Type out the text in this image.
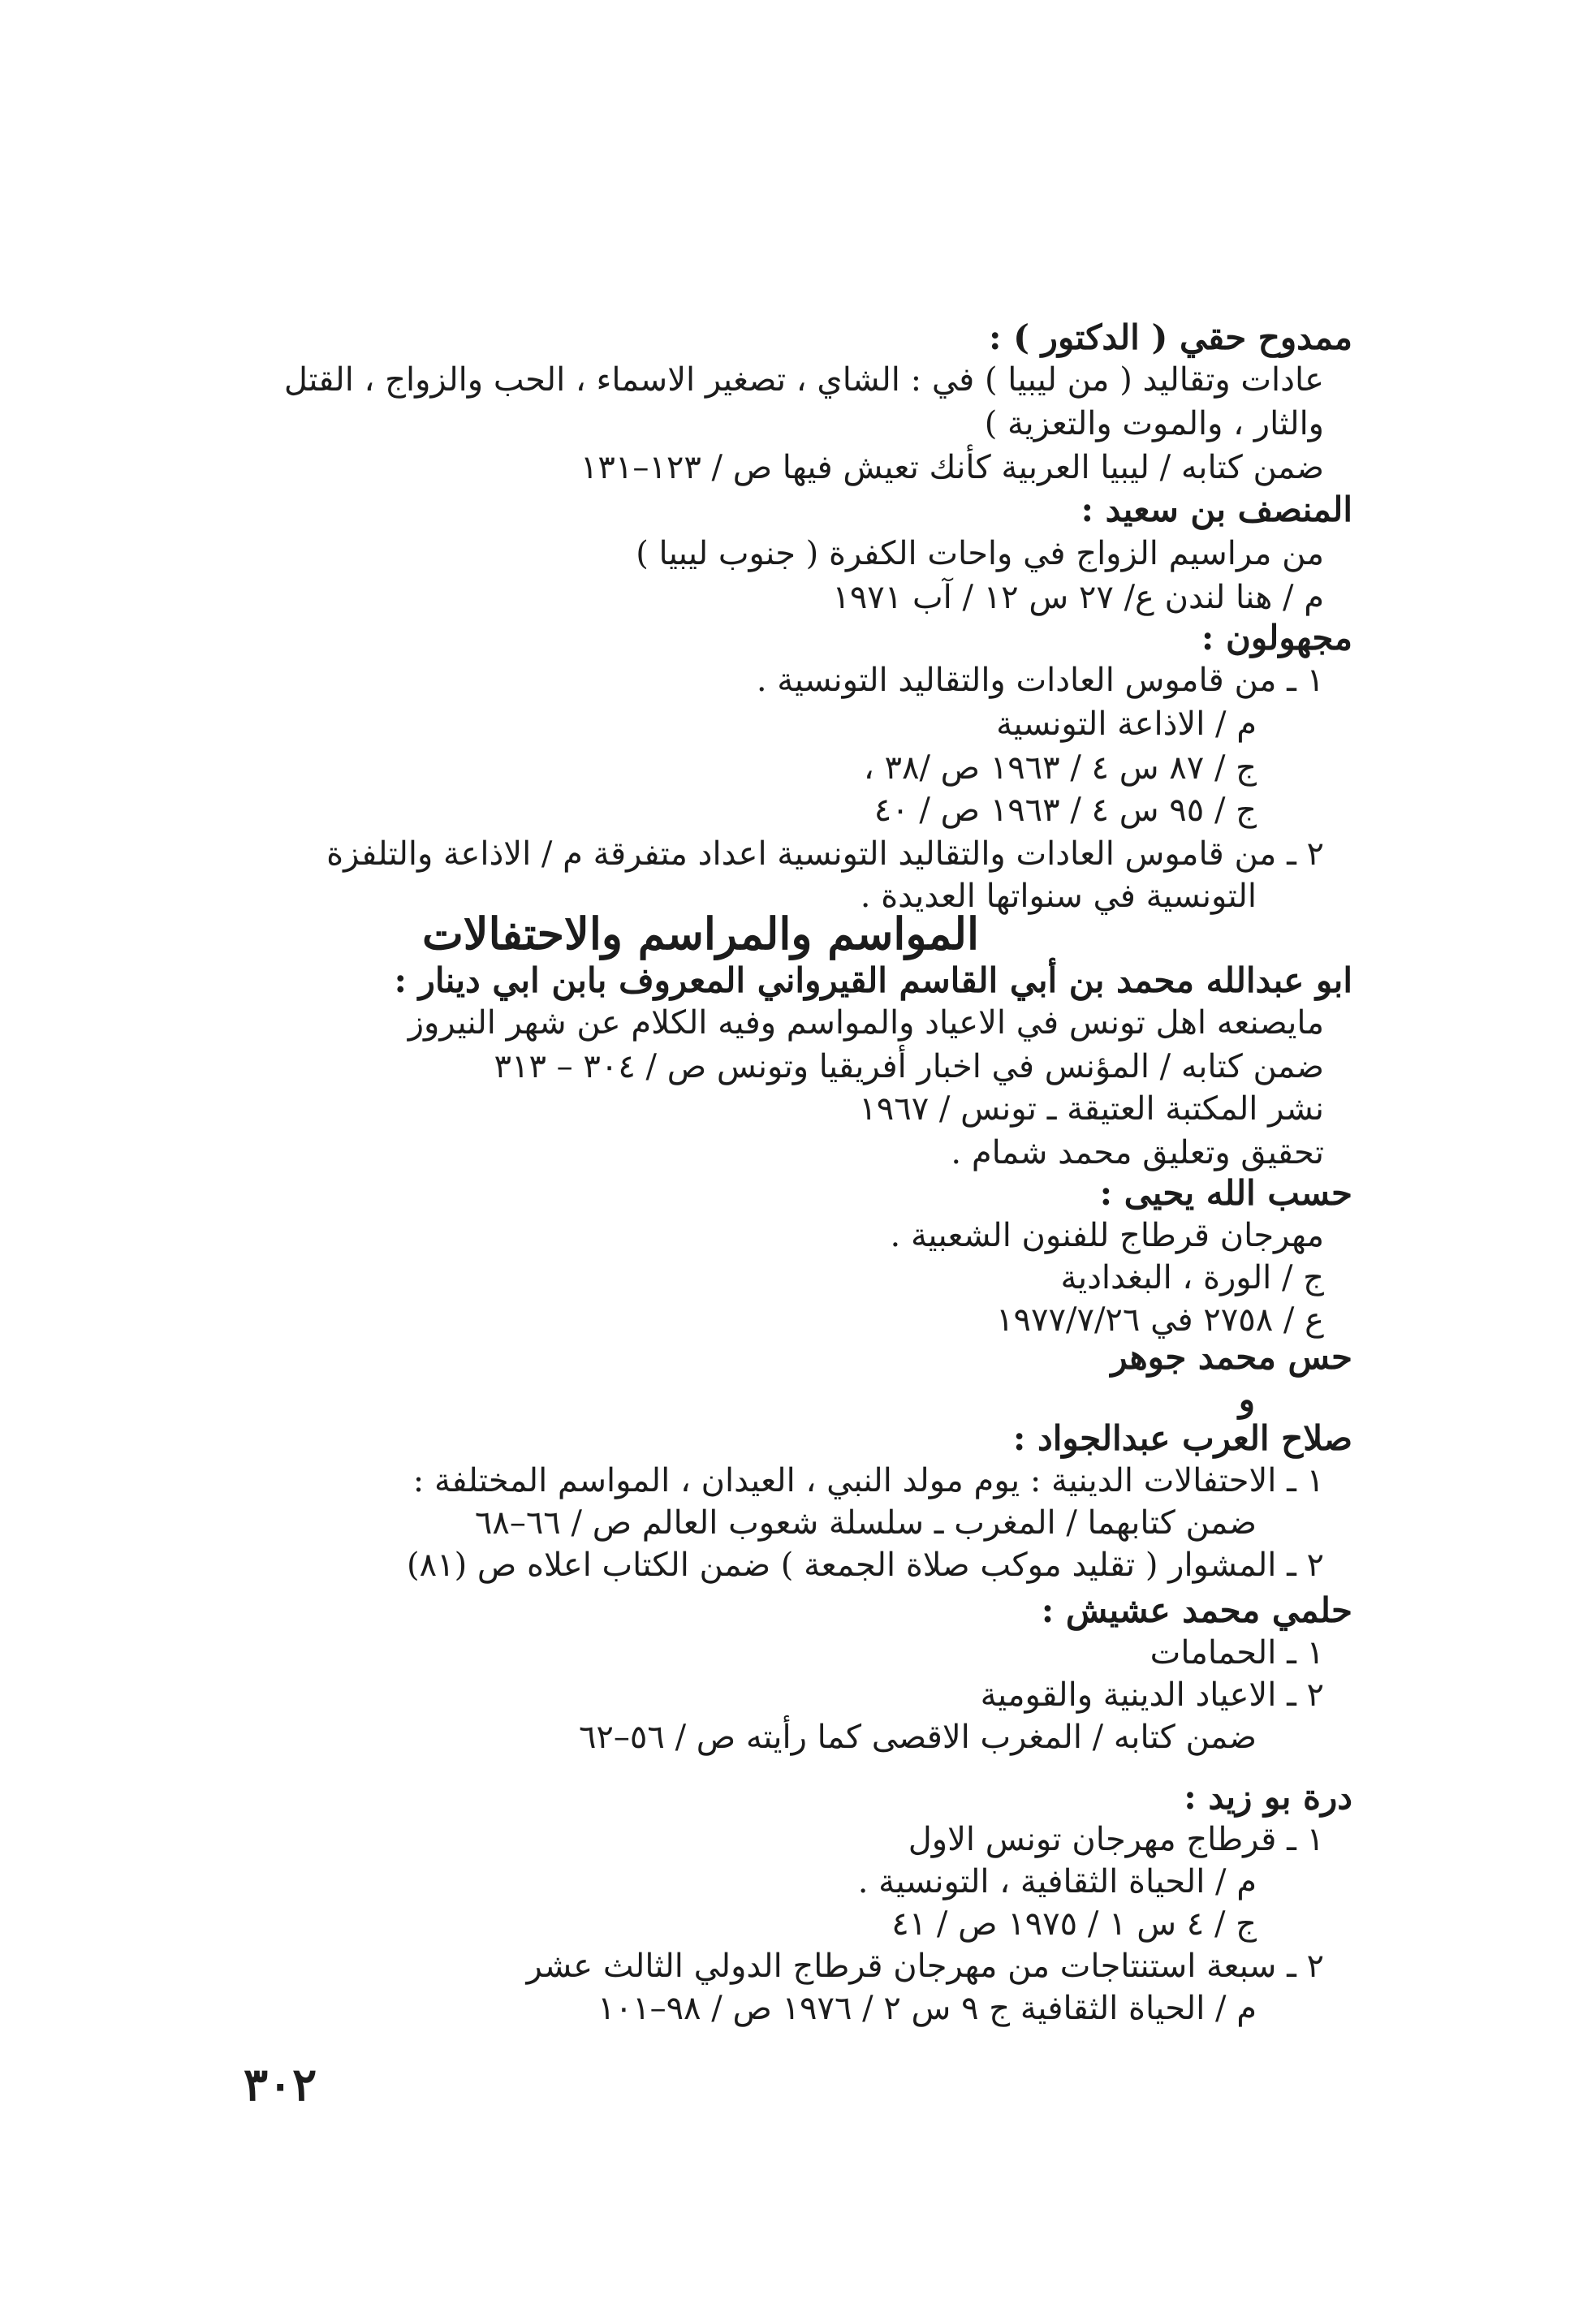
ممدوح حقي ( الدكتور ) :
عادات وتقاليد ( من ليبيا ) في : الشاي ، تصغير الاسماء ، الحب والزواج ، القتل
والثار ، والموت والتعزية )
ضمن كتابه / ليبيا العربية كأنك تعيش فيها ص / ١٢٣–١٣١
المنصف بن سعيد :
من مراسيم الزواج في واحات الكفرة ( جنوب ليبيا )
م / هنا لندن ع/ ٢٧ س ١٢ / آب ١٩٧١
مجهولون :
١ ـ من قاموس العادات والتقاليد التونسية .
م / الاذاعة التونسية
ج / ٨٧ س ٤ / ١٩٦٣ ص /٣٨ ،
ج / ٩٥ س ٤ / ١٩٦٣ ص / ٤٠
٢ ـ من قاموس العادات والتقاليد التونسية اعداد متفرقة م / الاذاعة والتلفزة
التونسية في سنواتها العديدة .
المواسم والمراسم والاحتفالات
ابو عبدالله محمد بن أبي القاسم القيرواني المعروف بابن ابي دينار :
مايصنعه اهل تونس في الاعياد والمواسم وفيه الكلام عن شهر النيروز
ضمن كتابه / المؤنس في اخبار أفريقيا وتونس ص / ٣٠٤ – ٣١٣
نشر المكتبة العتيقة ـ تونس / ١٩٦٧
تحقيق وتعليق محمد شمام .
حسب الله يحيى :
مهرجان قرطاج للفنون الشعبية .
ج / الورة ، البغدادية
ع / ٢٧٥٨ في ١٩٧٧/٧/٢٦
حس محمد جوهر
و
صلاح العرب عبدالجواد :
١ ـ الاحتفالات الدينية : يوم مولد النبي ، العيدان ، المواسم المختلفة :
ضمن كتابهما / المغرب ـ سلسلة شعوب العالم ص / ٦٦–٦٨
٢ ـ المشوار ( تقليد موكب صلاة الجمعة ) ضمن الكتاب اعلاه ص (٨١)
حلمي محمد عشيش :
١ ـ الحمامات
٢ ـ الاعياد الدينية والقومية
ضمن كتابه / المغرب الاقصى كما رأيته ص / ٥٦–٦٢
درة بو زيد :
١ ـ قرطاج مهرجان تونس الاول
م / الحياة الثقافية ، التونسية .
ج / ٤ س ١ / ١٩٧٥ ص / ٤١
٢ ـ سبعة استنتاجات من مهرجان قرطاج الدولي الثالث عشر
م / الحياة الثقافية ج ٩ س ٢ / ١٩٧٦ ص / ٩٨–١٠١
٣٠٢
